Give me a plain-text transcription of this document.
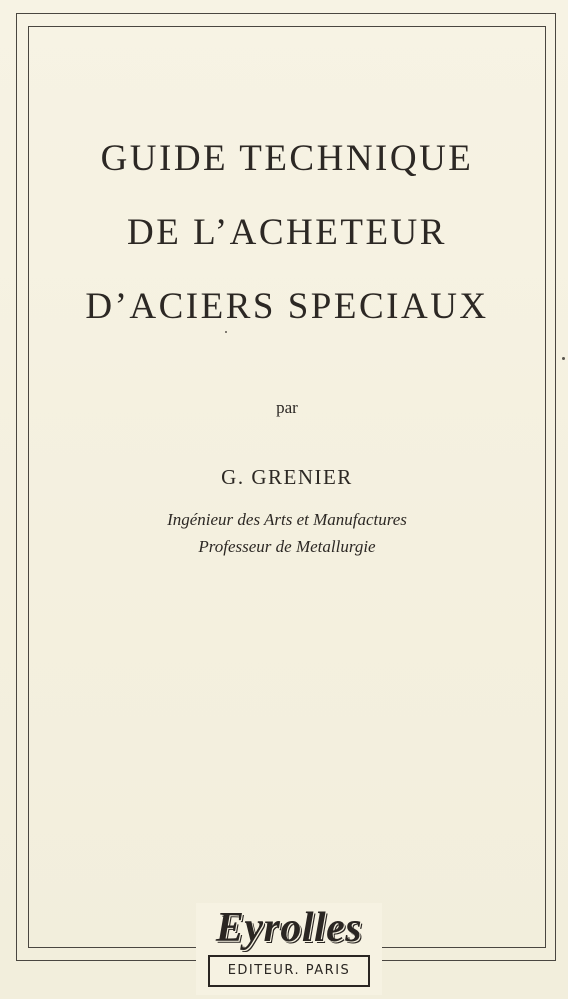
GUIDE TECHNIQUE
DE L’ACHETEUR
D’ACIERS SPECIAUX
par
G. GRENIER
Ingénieur des Arts et Manufactures
Professeur de Metallurgie
Eyrolles
EDITEUR. PARIS
